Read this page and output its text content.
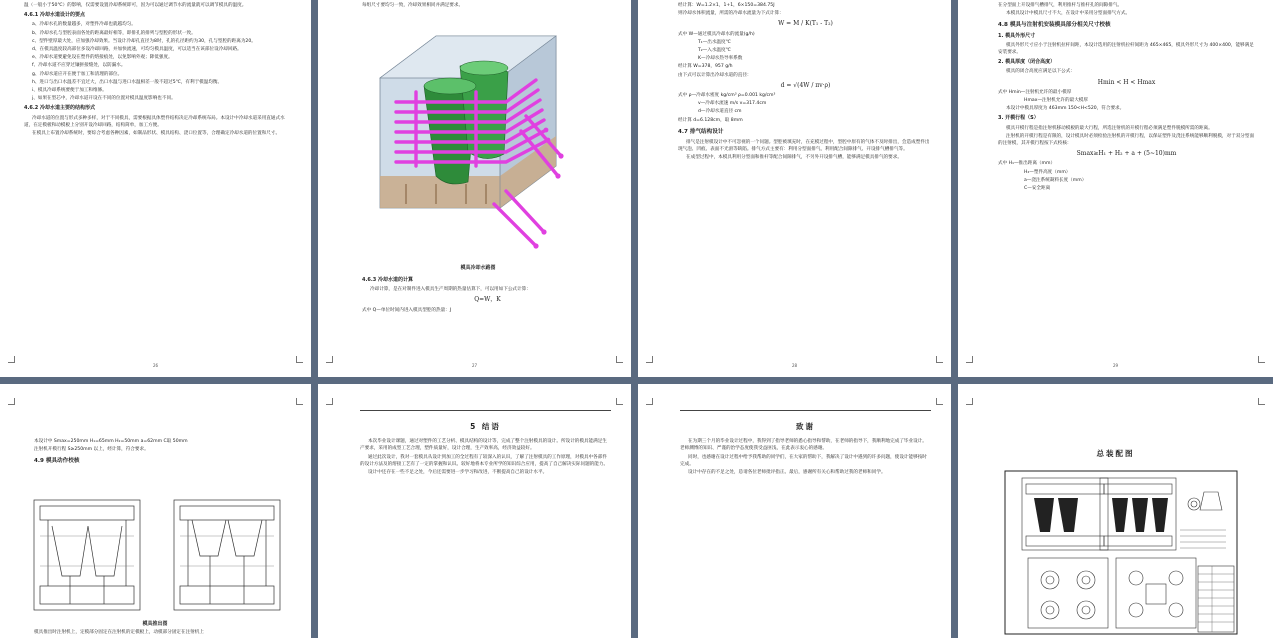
温（一般小于50℃）的影响，仅需要设置冷却系统即可，因为可以通过调节水的流量就可以调节模具的温度。

4.6.1 冷却水道设计的要点

a、冷却水孔的数量越多，对塑件冷却也就越均匀。

b、冷却水孔与型腔表面各处的距离最好相等，即排孔的排列与型腔的形状一致。

c、型件壁厚最大处，应加强冷却效果。当设计冷却孔直径为8时，孔的孔径距约为30，孔与型腔的距离为20。

d、在模具温度较高部位多设冷却回路，并加快流速，可均匀模具温度，可以适当在该部位设冷却回路。

e、冷却水道要避免设在塑件的熔接痕处，以免影响外观；降低强度。

f、冷却水道不应穿过镶拼接缝处，以防漏水。

g、冷却水道应开在便于加工和清理的部位。

h、进口与出口水温差不宜过大，出口水温与进口水温相差一般不超过5℃，有利于模温均衡。

i、模具冷却系统要便于加工和维修。

j、如果在型芯中，冷却水道开设在不同的位置对模具温度影响也不同。

4.6.2 冷却水道主要的结构形式

冷却水道的位置与形式多种多样，对于不同模具，需要根据具体塑件结构决定冷却系统布局。本设计中冷却水道采用直通式水道，在定模板和动模板上分别开设冷却回路，结构简单，加工方便。

在模具上布置冷却系统时，要综合考虑各种因素，如制品形状、模具结构、浇口位置等，合理确定冷却水道的位置和尺寸。

26

每组尺寸要均匀一致，冷却效果相同并满足要求。

模具冷却水路图
4.6.3 冷却水道的计算

冷却计算，是在对制件进入模具生产周期的热量估算下，可以用如下公式计算：

Q=W，K

式中 Q—单位时间内进入模具型腔的热量：J

27

经计算：W=1.2×1，1+1，6×150=384.75J

则冷却水体积流量，所需的冷却水流量为下式计算：

W = M / K(T₁ - T₂)

式中 W—通过模具冷却水的流量(g/h)

T₁—出水温度℃

T₂—入水温度℃

K—冷却水热导率系数

经计算 W=378，957 g/h

由下式可以计算出冷却水道的直径：

d = √(4W / πv·ρ)

式中 ρ—冷却水密度 kg/cm³ ρ=0.001 kg/cm³

v—冷却水流速 m/s v=317.4cm

d—冷却水道直径 cm

经计算 d=6.128cm，取 8mm

4.7 排气结构设计

排气是注射模设计中不可忽视的一个问题。型腔被填充时，在充模过程中，型腔中原有的气体不及时排出，会造成塑件出现气泡、凹痕、表面不光滑等缺陷。排气方式主要有：利用分型面排气、利用配合间隙排气、开设排气槽排气等。

在成型过程中，本模具利用分型面和推杆等配合间隙排气，不另外开设排气槽，能够满足模具排气的要求。

28

在分型面上开设排气槽排气，利用推杆与推杆孔的间隙排气。

本模具设计中模具尺寸不大，在设计中采用分型面排气方式。

4.8 模具与注射机安装模具部分相关尺寸校核
1. 模具外形尺寸

模具外形尺寸应小于注射机拉杆间距，本设计选用的注射机拉杆间距为 465×465，模具外形尺寸为 400×400，能够满足安装要求。

2. 模具厚度（闭合高度）

模具的闭合高度应满足以下公式：

Hmin < H < Hmax

式中 Hmin—注射机允许的最小模厚

Hmax—注射机允许的最大模厚

本设计中模具厚度为 463mm 150<H<520，符合要求。

3. 开模行程（S）

模具开模行程是指注射机移动模板的最大行程，所选注射机的开模行程必须满足塑件脱模所需的距离。

注射机的开模行程是有限的，设计模具时必须检验注射机的开模行程，以保证塑件及浇注系统能够顺利脱模，对于双分型面的注射模，其开模行程按下式校核：

Smax≥H₁ + H₂ + a + (5~10)mm

式中 H₁—推出距离（mm）

H₂—塑件高度（mm）

a—浇注系统凝料长度（mm）

C—安全距离

29

本设计中 Smax=250mm H₁=65mm H₂=50mm a=62mm C取 50mm

注射机开模行程 S≥250mm 以上，经计算，符合要求。

4.9 模具动作校核
模具推出图

模具推出时注射机上，定模部分固定在注射机的定模板上，动模部分固定在注射机上

5 结语

本次毕业设计课题，通过对塑件的工艺分析、模具结构的设计等，完成了整个注射模具的设计。所设计的模具能满足生产要求，采用的成型工艺合理，塑件质量好，设计合理，生产效率高，经济效益较好。

通过此次设计，我对一套模具从设计到加工的全过程有了较深入的认识，了解了注射模具的工作原理，对模具中各部件的设计方法及的熔接工艺有了一定的掌握和认识。较好地将本专业所学的知识综合应用，提高了自己解决实际问题的能力。

设计中还存在一些不足之处，今后还需要进一步学习和改进，不断提高自己的设计水平。

致谢

在为期三个月的毕业设计过程中，我得到了指导老师的悉心指导和帮助，在老师的指导下，我顺利地完成了毕业设计。老师渊博的知识、严谨的治学态度使我受益匪浅，在此表示衷心的感谢。

同时，也感谢在设计过程中给予我帮助的同学们，在大家的帮助下，我解决了设计中遇到的许多问题，使设计能够按时完成。

设计中存在的不足之处，恳请各位老师批评指正。最后，感谢所有关心和帮助过我的老师和同学。

总装配图
